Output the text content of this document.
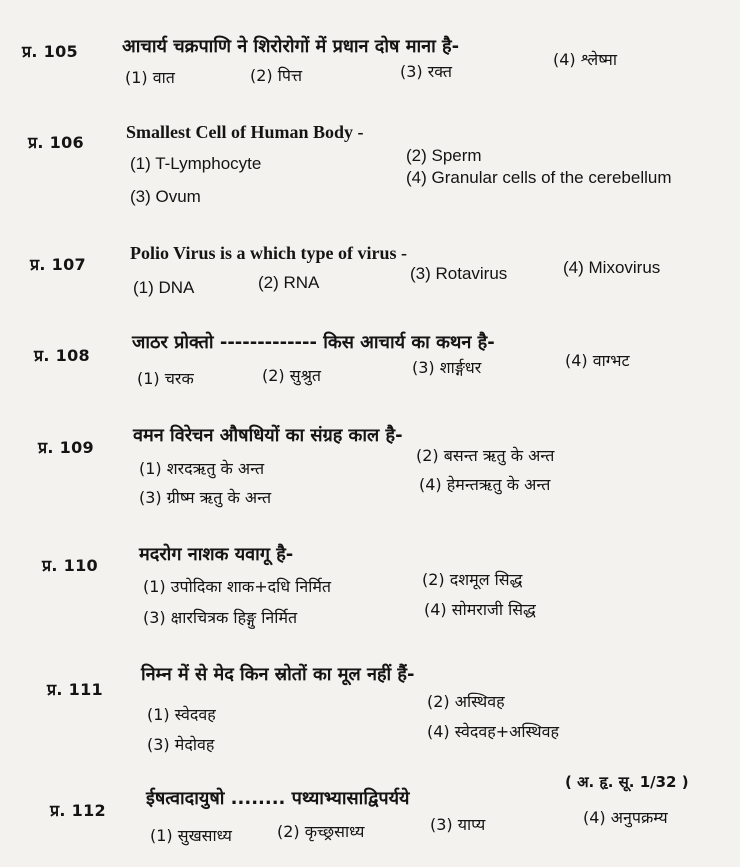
प्र. 105 आचार्य चक्रपाणि ने शिरोरोगों में प्रधान दोष माना है-
(1) वात	(2) पित्त	(3) रक्त
(4) श्लेष्मा
प्र. 106
Smallest Cell of Human Body -
(1) T-Lymphocyte	(2) Sperm
(3) Ovum
(4) Granular cells of the cerebellum
प्र. 107
Polio Virus is a which type of virus -
(1) DNA	(2) RNA	(3) Rotavirus	(4) Mixovirus
प्र. 108
जाठर प्रोक्तो ------------- किस आचार्य का कथन है-
(1) चरक	(2) सुश्रुत	(3) शार्ङ्गधर	(4) वाग्भट
प्र. 109
वमन विरेचन औषधियों का संग्रह काल है-
(1) शरदऋतु के अन्त
(2) बसन्त ऋतु के अन्त
(3) ग्रीष्म ऋतु के अन्त
(4) हेमन्तऋतु के अन्त
प्र. 110
मदरोग नाशक यवागू है-
(1) उपोदिका शाक+दधि निर्मित	(2) दशमूल सिद्ध
(3) क्षारचित्रक हिङ्गु निर्मित	(4) सोमराजी सिद्ध
प्र. 111
निम्न में से मेद किन स्रोतों का मूल नहीं हैं-
(1) स्वेदवह
(2) अस्थिवह
(3) मेदोवह
(4) स्वेदवह+अस्थिवह
प्र. 112
ईषत्वादायुषो ........ पथ्याभ्यासाद्विपर्यये
( अ. हृ. सू. 1/32 )
(1) सुखसाध्य	(2) कृच्छ्रसाध्य	(3) याप्य	(4) अनुपक्रम्य
